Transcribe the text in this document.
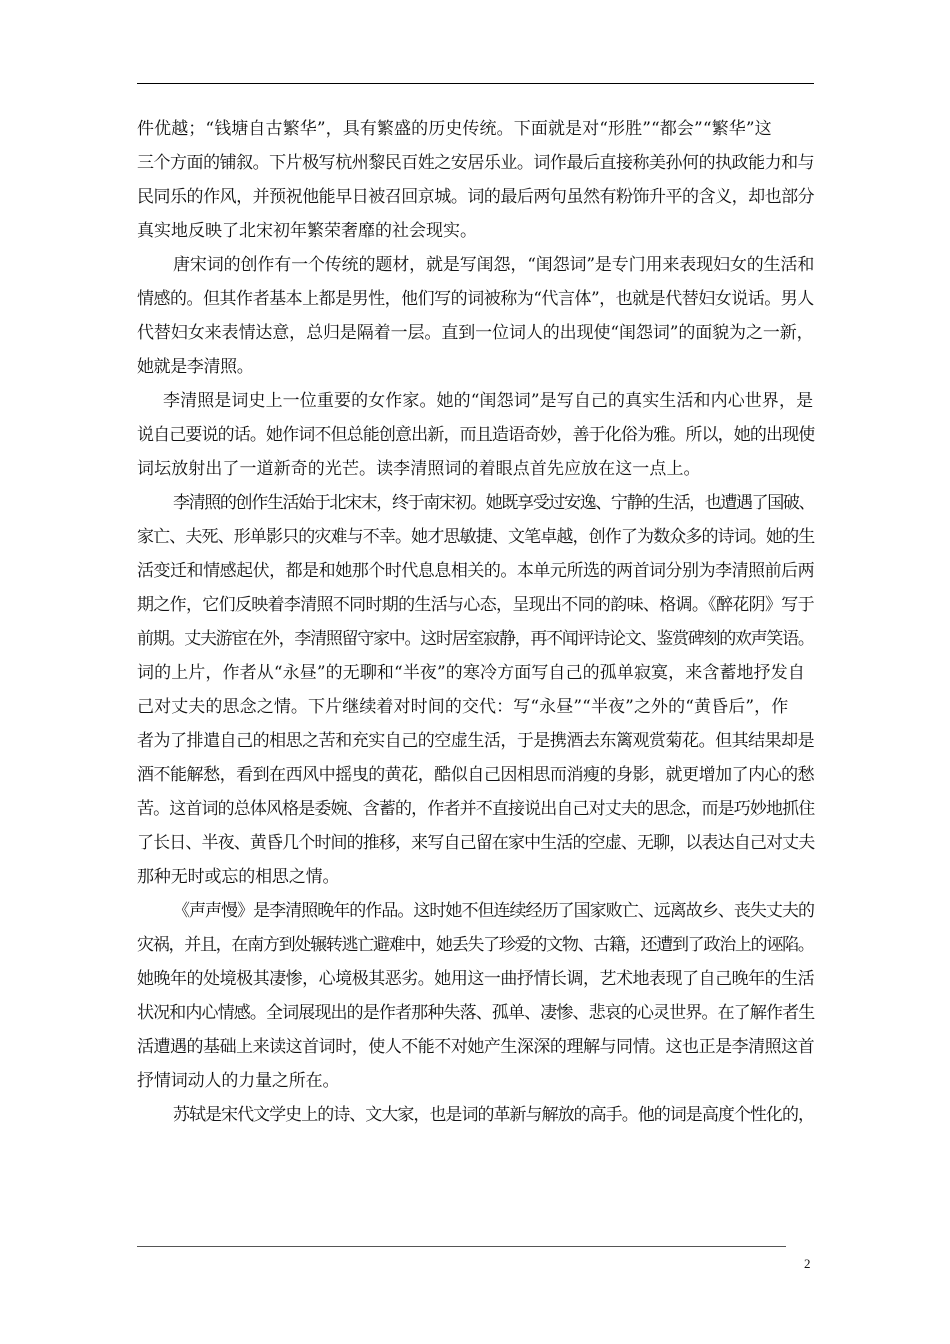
件优越；“钱塘自古繁华”，具有繁盛的历史传统。下面就是对“形胜”“都会”“繁华”这
三个方面的铺叙。下片极写杭州黎民百姓之安居乐业。词作最后直接称美孙何的执政能力和与
民同乐的作风，并预祝他能早日被召回京城。词的最后两句虽然有粉饰升平的含义，却也部分
真实地反映了北宋初年繁荣奢靡的社会现实。
唐宋词的创作有一个传统的题材，就是写闺怨，“闺怨词”是专门用来表现妇女的生活和
情感的。但其作者基本上都是男性，他们写的词被称为“代言体”，也就是代替妇女说话。男人
代替妇女来表情达意，总归是隔着一层。直到一位词人的出现使“闺怨词”的面貌为之一新，
她就是李清照。
李清照是词史上一位重要的女作家。她的“闺怨词”是写自己的真实生活和内心世界，是
说自己要说的话。她作词不但总能创意出新，而且造语奇妙，善于化俗为雅。所以，她的出现使
词坛放射出了一道新奇的光芒。读李清照词的着眼点首先应放在这一点上。
李清照的创作生活始于北宋末，终于南宋初。她既享受过安逸、宁静的生活，也遭遇了国破、
家亡、夫死、形单影只的灾难与不幸。她才思敏捷、文笔卓越，创作了为数众多的诗词。她的生
活变迁和情感起伏，都是和她那个时代息息相关的。本单元所选的两首词分别为李清照前后两
期之作，它们反映着李清照不同时期的生活与心态，呈现出不同的韵味、格调。《醉花阴》写于
前期。丈夫游宦在外，李清照留守家中。这时居室寂静，再不闻评诗论文、鉴赏碑刻的欢声笑语。
词的上片，作者从“永昼”的无聊和“半夜”的寒冷方面写自己的孤单寂寞，来含蓄地抒发自
己对丈夫的思念之情。下片继续着对时间的交代：写“永昼”“半夜”之外的“黄昏后”，作
者为了排遣自己的相思之苦和充实自己的空虚生活，于是携酒去东篱观赏菊花。但其结果却是
酒不能解愁，看到在西风中摇曳的黄花，酷似自己因相思而消瘦的身影，就更增加了内心的愁
苦。这首词的总体风格是委婉、含蓄的，作者并不直接说出自己对丈夫的思念，而是巧妙地抓住
了长日、半夜、黄昏几个时间的推移，来写自己留在家中生活的空虚、无聊，以表达自己对丈夫
那种无时或忘的相思之情。
《声声慢》是李清照晚年的作品。这时她不但连续经历了国家败亡、远离故乡、丧失丈夫的
灾祸，并且，在南方到处辗转逃亡避难中，她丢失了珍爱的文物、古籍，还遭到了政治上的诬陷。
她晚年的处境极其凄惨，心境极其恶劣。她用这一曲抒情长调，艺术地表现了自己晚年的生活
状况和内心情感。全词展现出的是作者那种失落、孤单、凄惨、悲哀的心灵世界。在了解作者生
活遭遇的基础上来读这首词时，使人不能不对她产生深深的理解与同情。这也正是李清照这首
抒情词动人的力量之所在。
苏轼是宋代文学史上的诗、文大家，也是词的革新与解放的高手。他的词是高度个性化的，
2
